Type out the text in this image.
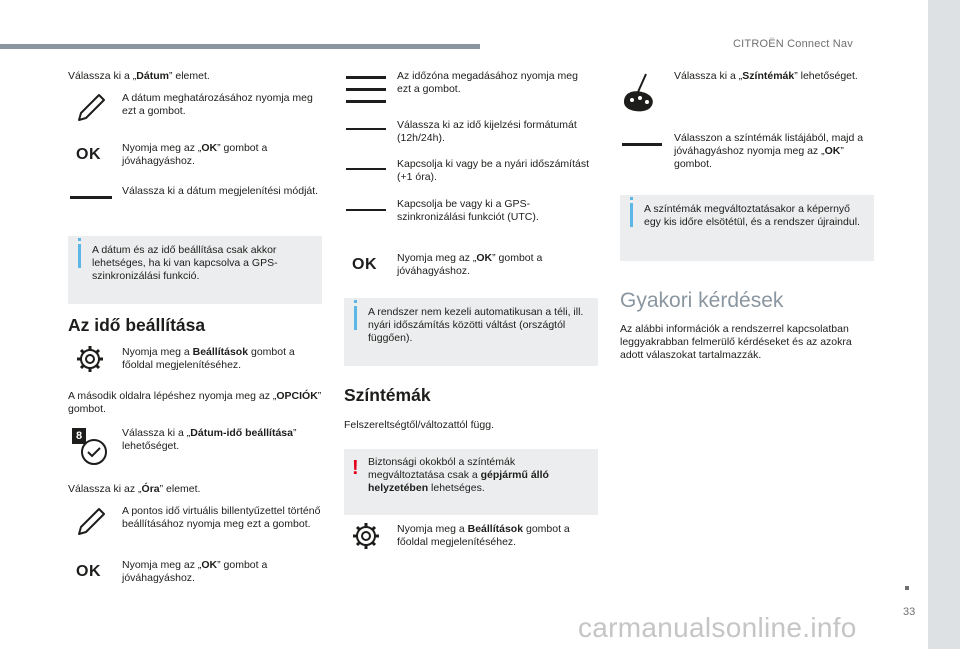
CITROËN Connect Nav
33
carmanualsonline.info
Válassza ki a „Dátum” elemet.
A dátum meghatározásához nyomja meg ezt a gombot.
OK Nyomja meg az „OK” gombot a jóváhagyáshoz.
Válassza ki a dátum megjelenítési módját.
A dátum és az idő beállítása csak akkor lehetséges, ha ki van kapcsolva a GPS-szinkronizálási funkció.
Az idő beállítása
Nyomja meg a Beállítások gombot a főoldal megjelenítéséhez.
A második oldalra lépéshez nyomja meg az „OPCIÓK” gombot.
8	Válassza ki a „Dátum-idő beállítása” lehetőséget.
Válassza ki az „Óra” elemet.
A pontos idő virtuális billentyűzettel történő beállításához nyomja meg ezt a gombot.
OK Nyomja meg az „OK” gombot a jóváhagyáshoz.
Az időzóna megadásához nyomja meg ezt a gombot.
Válassza ki az idő kijelzési formátumát (12h/24h).
Kapcsolja ki vagy be a nyári időszámítást (+1 óra).
Kapcsolja be vagy ki a GPS-szinkronizálási funkciót (UTC).
OK Nyomja meg az „OK” gombot a jóváhagyáshoz.
A rendszer nem kezeli automatikusan a téli, ill. nyári időszámítás közötti váltást (országtól függően).
Színtémák
Felszereltségtől/változattól függ.
! Biztonsági okokból a színtémák megváltoztatása csak a gépjármű álló helyzetében lehetséges.
Nyomja meg a Beállítások gombot a főoldal megjelenítéséhez.
Válassza ki a „Színtémák” lehetőséget.
Válasszon a színtémák listájából, majd a jóváhagyáshoz nyomja meg az „OK” gombot.
A színtémák megváltoztatásakor a képernyő egy kis időre elsötétül, és a rendszer újraindul.
Gyakori kérdések
Az alábbi információk a rendszerrel kapcsolatban leggyakrabban felmerülő kérdéseket és az azokra adott válaszokat tartalmazzák.
